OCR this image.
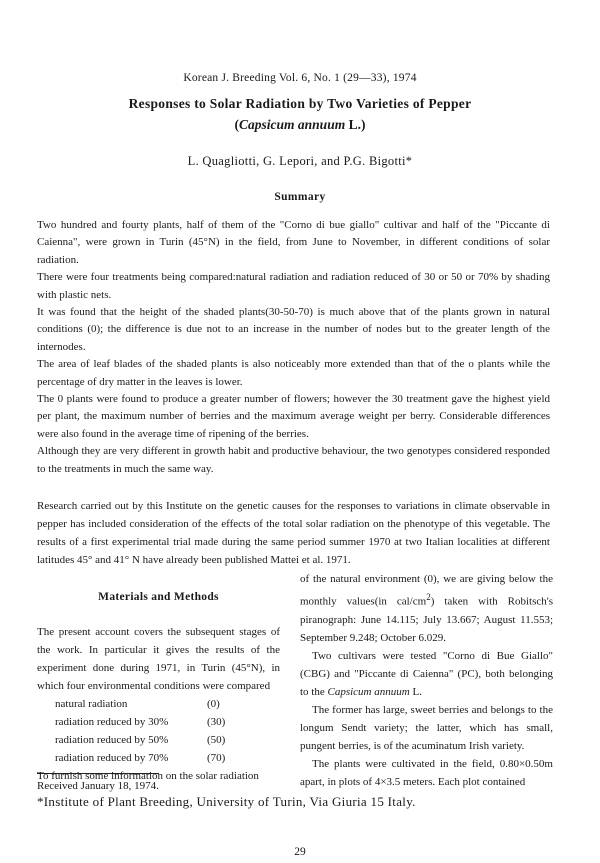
Korean J. Breeding Vol. 6, No. 1 (29—33), 1974
Responses to Solar Radiation by Two Varieties of Pepper
(Capsicum annuum L.)
L. Quagliotti, G. Lepori, and P.G. Bigotti*
Summary

Two hundred and fourty plants, half of them of the "Corno di bue giallo" cultivar and half of the "Piccante di Caienna", were grown in Turin (45°N) in the field, from June to November, in different conditions of solar radiation.

There were four treatments being compared:natural radiation and radiation reduced of 30 or 50 or 70% by shading with plastic nets.

It was found that the height of the shaded plants(30-50-70) is much above that of the plants grown in natural conditions (0); the difference is due not to an increase in the number of nodes but to the greater length of the internodes.

The area of leaf blades of the shaded plants is also noticeably more extended than that of the o plants while the percentage of dry matter in the leaves is lower.

The 0 plants were found to produce a greater number of flowers; however the 30 treatment gave the highest yield per plant, the maximum number of berries and the maximum average weight per berry. Considerable differences were also found in the average time of ripening of the berries.

Although they are very different in growth habit and productive behaviour, the two genotypes considered responded to the treatments in much the same way.

Research carried out by this Institute on the genetic causes for the responses to variations in climate observable in pepper has included consideration of the effects of the total solar radiation on the phenotype of this vegetable. The results of a first experimental trial made during the same period summer 1970 at two Italian localities at different latitudes 45° and 41° N have already been published Mattei et al. 1971.

Materials and Methods

The present account covers the subsequent stages of the work. In particular it gives the results of the experiment done during 1971, in Turin (45°N), in which four environmental conditions were compared

natural radiation	(0)
radiation reduced by 30%	(30)
radiation reduced by 50%	(50)
radiation reduced by 70%	(70)

To furnish some information on the solar radiation

of the natural environment (0), we are giving below the monthly values(in cal/$cm^2$) taken with Robitsch's piranograph: June 14.115; July 13.667; August 11.553; September 9.248; October 6.029.

Two cultivars were tested "Corno di Bue Giallo" (CBG) and "Piccante di Caienna" (PC), both belonging to the Capsicum annuum L.

The former has large, sweet berries and belongs to the longum Sendt variety; the latter, which has small, pungent berries, is of the acuminatum Irish variety.

The plants were cultivated in the field, 0.80×0.50m apart, in plots of 4×3.5 meters. Each plot contained

Received January 18, 1974.
*Institute of Plant Breeding, University of Turin, Via Giuria 15 Italy.
29
